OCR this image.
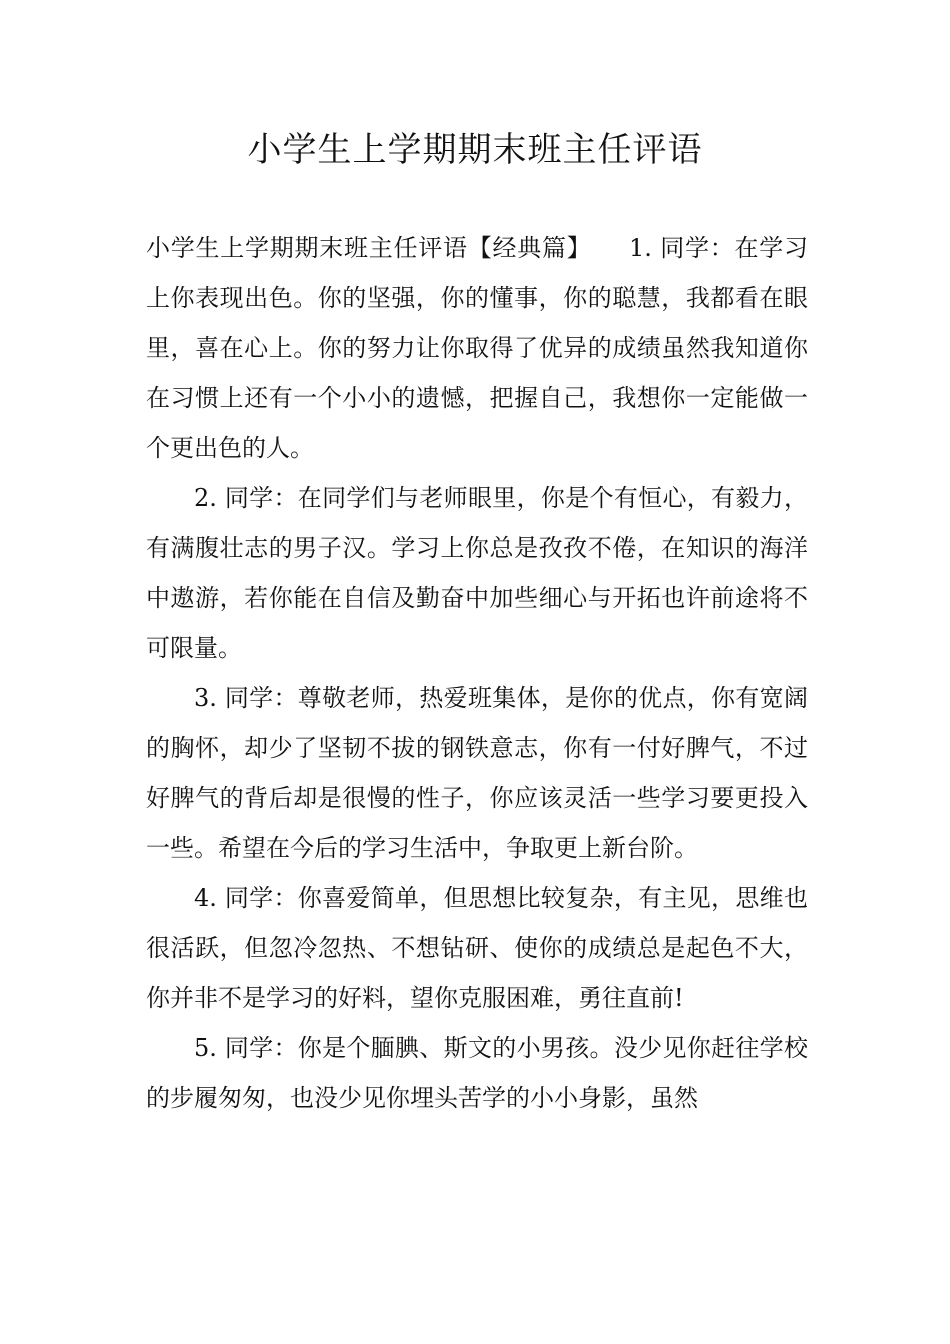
小学生上学期期末班主任评语

小学生上学期期末班主任评语【经典篇】　　1. 同学：在学习上你表现出色。你的坚强，你的懂事，你的聪慧，我都看在眼里，喜在心上。你的努力让你取得了优异的成绩虽然我知道你在习惯上还有一个小小的遗憾，把握自己，我想你一定能做一个更出色的人。

2. 同学：在同学们与老师眼里，你是个有恒心，有毅力，有满腹壮志的男子汉。学习上你总是孜孜不倦，在知识的海洋中遨游，若你能在自信及勤奋中加些细心与开拓也许前途将不可限量。

3. 同学：尊敬老师，热爱班集体，是你的优点，你有宽阔的胸怀，却少了坚韧不拔的钢铁意志，你有一付好脾气，不过好脾气的背后却是很慢的性子，你应该灵活一些学习要更投入一些。希望在今后的学习生活中，争取更上新台阶。

4. 同学：你喜爱简单，但思想比较复杂，有主见，思维也很活跃，但忽冷忽热、不想钻研、使你的成绩总是起色不大，你并非不是学习的好料，望你克服困难，勇往直前!

5. 同学：你是个腼腆、斯文的小男孩。没少见你赶往学校的步履匆匆，也没少见你埋头苦学的小小身影，虽然
